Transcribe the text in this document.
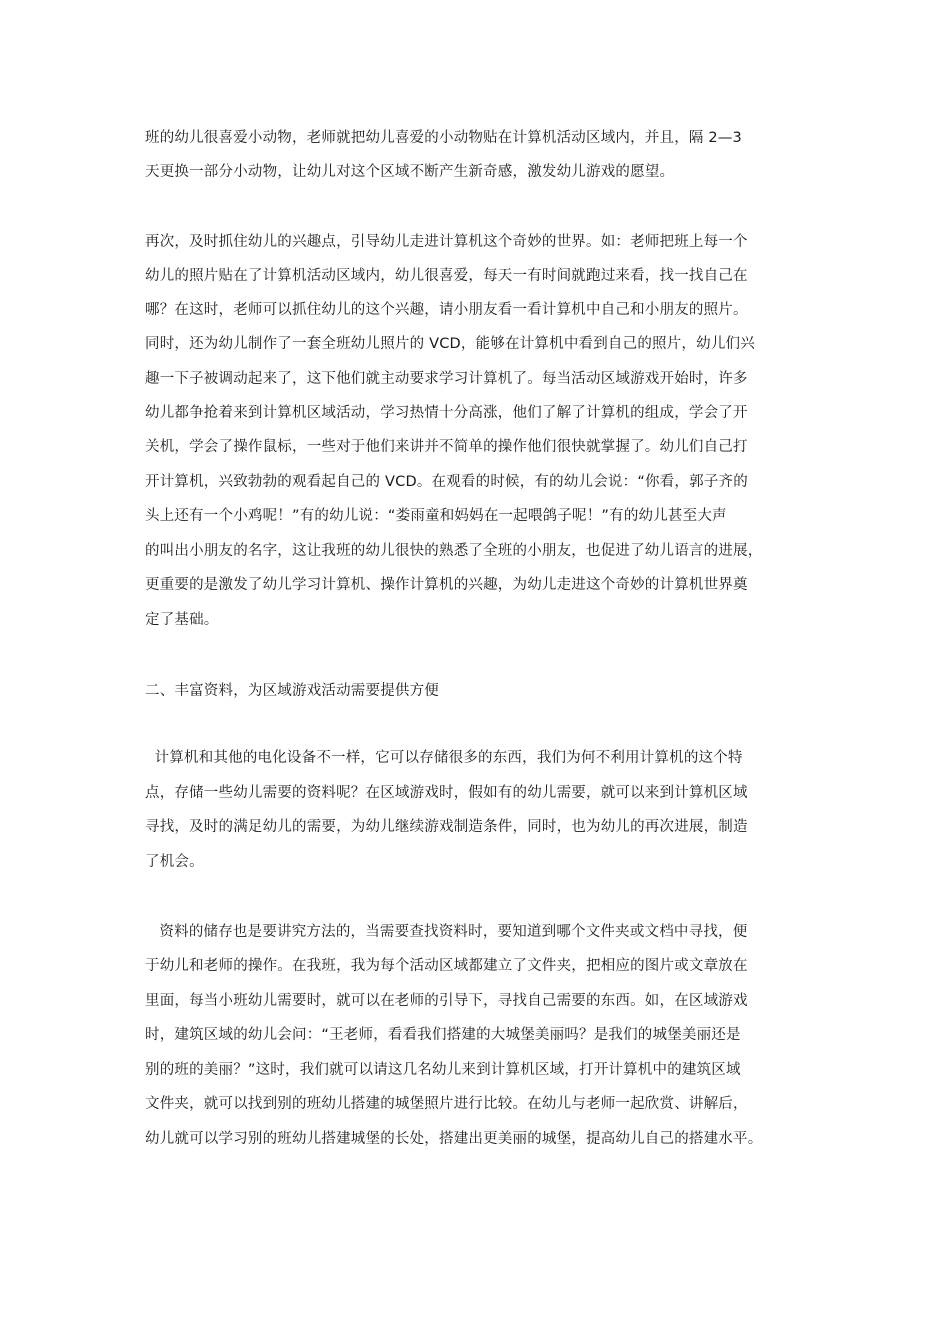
班的幼儿很喜爱小动物，老师就把幼儿喜爱的小动物贴在计算机活动区域内，并且，隔 2—3
天更换一部分小动物，让幼儿对这个区域不断产生新奇感，激发幼儿游戏的愿望。
再次，及时抓住幼儿的兴趣点，引导幼儿走进计算机这个奇妙的世界。如：老师把班上每一个
幼儿的照片贴在了计算机活动区域内，幼儿很喜爱，每天一有时间就跑过来看，找一找自己在
哪？在这时，老师可以抓住幼儿的这个兴趣，请小朋友看一看计算机中自己和小朋友的照片。
同时，还为幼儿制作了一套全班幼儿照片的 VCD，能够在计算机中看到自己的照片，幼儿们兴
趣一下子被调动起来了，这下他们就主动要求学习计算机了。每当活动区域游戏开始时，许多
幼儿都争抢着来到计算机区域活动，学习热情十分高涨，他们了解了计算机的组成，学会了开
关机，学会了操作鼠标，一些对于他们来讲并不简单的操作他们很快就掌握了。幼儿们自己打
开计算机，兴致勃勃的观看起自己的 VCD。在观看的时候，有的幼儿会说：“你看，郭子齐的
头上还有一个小鸡呢！”有的幼儿说：“娄雨童和妈妈在一起喂鸽子呢！”有的幼儿甚至大声
的叫出小朋友的名字，这让我班的幼儿很快的熟悉了全班的小朋友，也促进了幼儿语言的进展，
更重要的是激发了幼儿学习计算机、操作计算机的兴趣，为幼儿走进这个奇妙的计算机世界奠
定了基础。
二、丰富资料，为区域游戏活动需要提供方便
计算机和其他的电化设备不一样，它可以存储很多的东西，我们为何不利用计算机的这个特
点，存储一些幼儿需要的资料呢？在区域游戏时，假如有的幼儿需要，就可以来到计算机区域
寻找，及时的满足幼儿的需要，为幼儿继续游戏制造条件，同时，也为幼儿的再次进展，制造
了机会。
资料的储存也是要讲究方法的，当需要查找资料时，要知道到哪个文件夹或文档中寻找，便
于幼儿和老师的操作。在我班，我为每个活动区域都建立了文件夹，把相应的图片或文章放在
里面，每当小班幼儿需要时，就可以在老师的引导下，寻找自己需要的东西。如，在区域游戏
时，建筑区域的幼儿会问：“王老师，看看我们搭建的大城堡美丽吗？是我们的城堡美丽还是
别的班的美丽？”这时，我们就可以请这几名幼儿来到计算机区域，打开计算机中的建筑区域
文件夹，就可以找到别的班幼儿搭建的城堡照片进行比较。在幼儿与老师一起欣赏、讲解后，
幼儿就可以学习别的班幼儿搭建城堡的长处，搭建出更美丽的城堡，提高幼儿自己的搭建水平。
